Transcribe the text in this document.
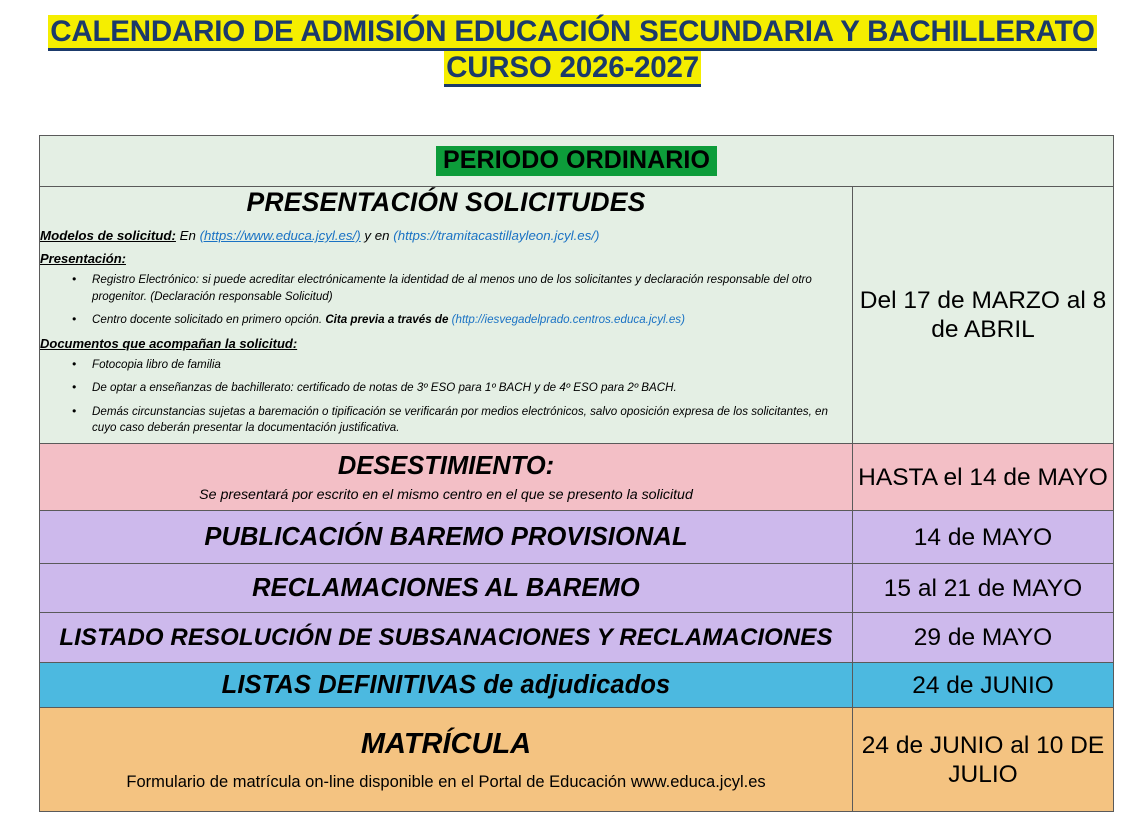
CALENDARIO DE ADMISIÓN EDUCACIÓN SECUNDARIA Y BACHILLERATO
CURSO 2026-2027
PERIODO ORDINARIO	

PRESENTACIÓN SOLICITUDES

Modelos de solicitud: En (https://www.educa.jcyl.es/) y en (https://tramitacastillayleon.jcyl.es/)

Presentación:

• Registro Electrónico: si puede acreditar electrónicamente la identidad de al menos uno de los solicitantes y declaración responsable del otro progenitor. (Declaración responsable Solicitud)
• Centro docente solicitado en primero opción. Cita previa a través de (http://iesvegadelprado.centros.educa.jcyl.es)

Documentos que acompañan la solicitud:

• Fotocopia libro de familia
• De optar a enseñanzas de bachillerato: certificado de notas de 3º ESO para 1º BACH y de 4º ESO para 2º BACH.
• Demás circunstancias sujetas a baremación o tipificación se verificarán por medios electrónicos, salvo oposición expresa de los solicitantes, en cuyo caso deberán presentar la documentación justificativa.
	Del 17 de MARZO al 8 de ABRIL

DESESTIMIENTO:
Se presentará por escrito en el mismo centro en el que se presento la solicitud	HASTA el 14 de MAYO
PUBLICACIÓN BAREMO PROVISIONAL	14 de MAYO
RECLAMACIONES AL BAREMO	15 al 21 de MAYO
LISTADO RESOLUCIÓN DE SUBSANACIONES Y RECLAMACIONES	29 de MAYO
LISTAS DEFINITIVAS de adjudicados	24 de JUNIO

MATRÍCULA
Formulario de matrícula on-line disponible en el Portal de Educación www.educa.jcyl.es	24 de JUNIO al 10 DE JULIO
